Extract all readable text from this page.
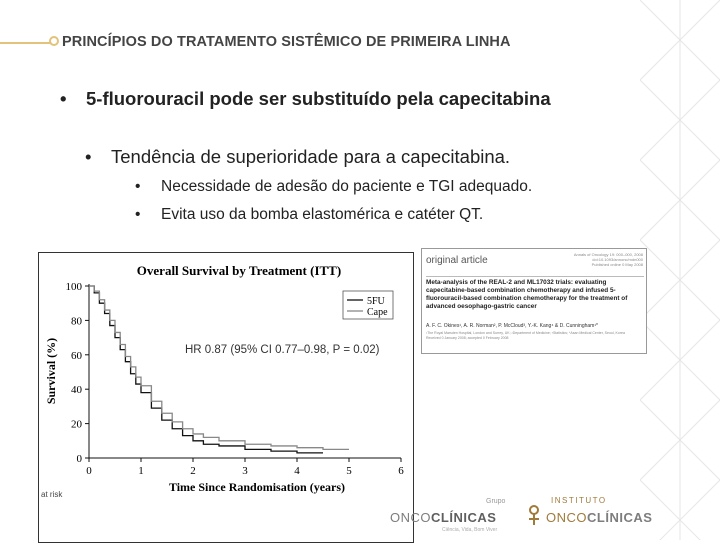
PRINCÍPIOS DO TRATAMENTO SISTÊMICO DE PRIMEIRA LINHA
• 5-fluorouracil pode ser substituído pela capecitabina
• Tendência de superioridade para a capecitabina.
• Necessidade de adesão do paciente e TGI adequado.
• Evita uso da bomba elastomérica e catéter QT.
Overall Survival by Treatment (ITT)
Survival (%)
Time Since Randomisation (years)
HR 0.87 (95% CI 0.77–0.98, P = 0.02)
at risk
0	1	2	3	4	5	6
0
20
40
60
80
100
5FU
Cape
original article
Annals of Oncology 19: 000–000, 2008
doi:10.1093/annonc/mdn000
Published online 0 May 2008
Meta-analysis of the REAL-2 and ML17032 trials: evaluating capecitabine-based combination chemotherapy and infused 5-fluorouracil-based combination chemotherapy for the treatment of advanced oesophago-gastric cancer
A. F. C. Okines¹, A. R. Norman², P. McCloud³, Y.-K. Kang⁴ & D. Cunningham¹*
¹The Royal Marsden Hospital, London and Surrey, UK; ²Department of Medicine; ³Statistics; ⁴Asan Medical Center, Seoul, Korea
Received 0 January 2008; accepted 0 February 2008
Grupo
ONCOCLÍNICAS
Ciência, Vida, Bom Viver
INSTITUTO
ONCOCLÍNICAS
